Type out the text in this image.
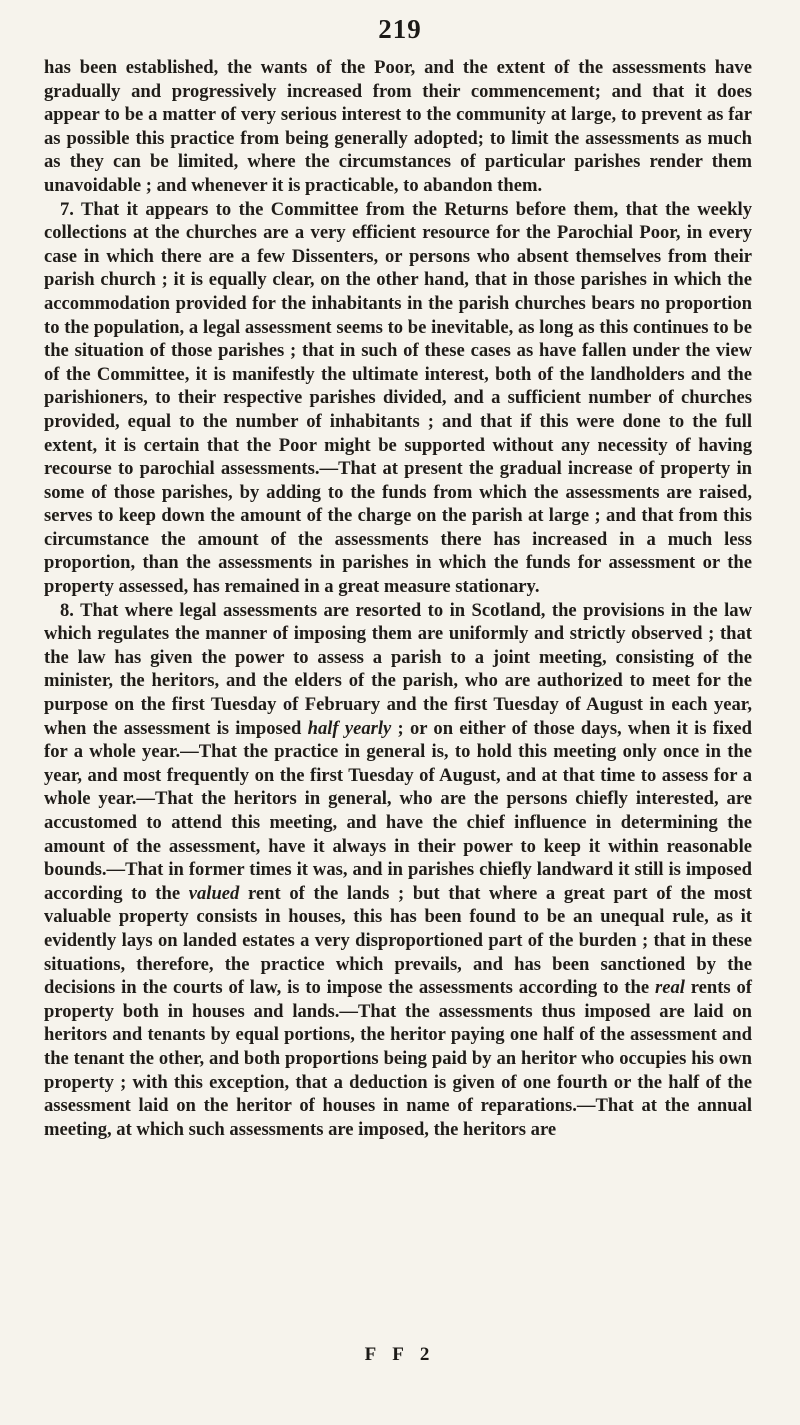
219

has been established, the wants of the Poor, and the extent of the assessments have gradually and progressively increased from their commencement; and that it does appear to be a matter of very serious interest to the community at large, to prevent as far as possible this practice from being generally adopted; to limit the assessments as much as they can be limited, where the circumstances of particular parishes render them unavoidable ; and whenever it is practicable, to abandon them.

7. That it appears to the Committee from the Returns before them, that the weekly collections at the churches are a very efficient resource for the Parochial Poor, in every case in which there are a few Dissenters, or persons who absent themselves from their parish church ; it is equally clear, on the other hand, that in those parishes in which the accommodation provided for the inhabitants in the parish churches bears no proportion to the population, a legal assessment seems to be inevitable, as long as this continues to be the situation of those parishes ; that in such of these cases as have fallen under the view of the Committee, it is manifestly the ultimate interest, both of the landholders and the parishioners, to their respective parishes divided, and a sufficient number of churches provided, equal to the number of inhabitants ; and that if this were done to the full extent, it is certain that the Poor might be supported without any necessity of having recourse to parochial assessments.—That at present the gradual increase of property in some of those parishes, by adding to the funds from which the assessments are raised, serves to keep down the amount of the charge on the parish at large ; and that from this circumstance the amount of the assessments there has increased in a much less proportion, than the assessments in parishes in which the funds for assessment or the property assessed, has remained in a great measure stationary.

8. That where legal assessments are resorted to in Scotland, the provisions in the law which regulates the manner of imposing them are uniformly and strictly observed ; that the law has given the power to assess a parish to a joint meeting, consisting of the minister, the heritors, and the elders of the parish, who are authorized to meet for the purpose on the first Tuesday of February and the first Tuesday of August in each year, when the assessment is imposed half yearly ; or on either of those days, when it is fixed for a whole year.—That the practice in general is, to hold this meeting only once in the year, and most frequently on the first Tuesday of August, and at that time to assess for a whole year.—That the heritors in general, who are the persons chiefly interested, are accustomed to attend this meeting, and have the chief influence in determining the amount of the assessment, have it always in their power to keep it within reasonable bounds.—That in former times it was, and in parishes chiefly landward it still is imposed according to the valued rent of the lands ; but that where a great part of the most valuable property consists in houses, this has been found to be an unequal rule, as it evidently lays on landed estates a very disproportioned part of the burden ; that in these situations, therefore, the practice which prevails, and has been sanctioned by the decisions in the courts of law, is to impose the assessments according to the real rents of property both in houses and lands.—That the assessments thus imposed are laid on heritors and tenants by equal portions, the heritor paying one half of the assessment and the tenant the other, and both proportions being paid by an heritor who occupies his own property ; with this exception, that a deduction is given of one fourth or the half of the assessment laid on the heritor of houses in name of reparations.—That at the annual meeting, at which such assessments are imposed, the heritors are

F F 2
